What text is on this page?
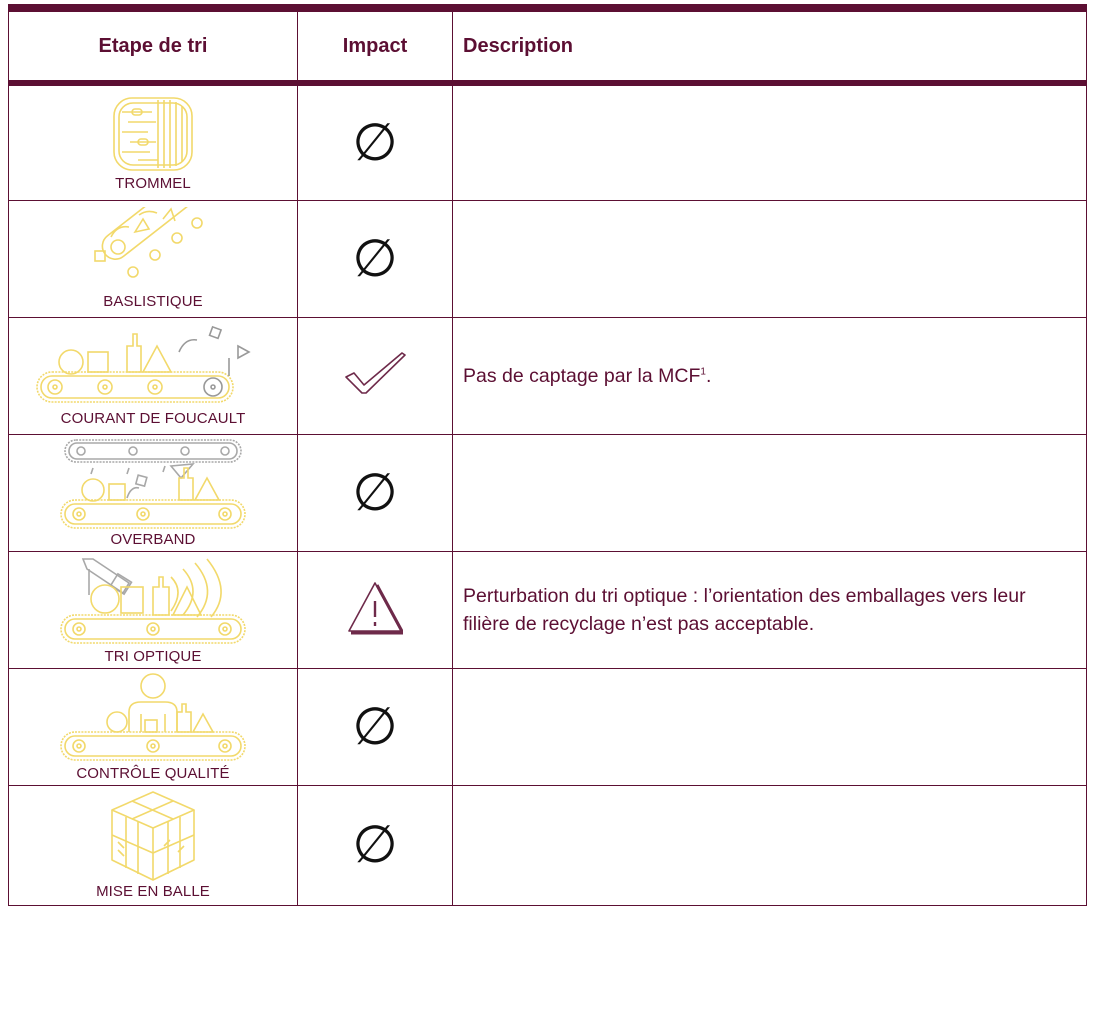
Etape de tri	Impact	Description

TROMMEL	∅	

BASLISTIQUE	∅	

COURANT DE FOUCAULT		Pas de captage par la MCF$^1$.

OVERBAND	∅	

TRI OPTIQUE		Perturbation du tri optique : l’orientation des emballages vers leur filière de recyclage n’est pas acceptable.

CONTRÔLE QUALITÉ	∅	

MISE EN BALLE	∅	
